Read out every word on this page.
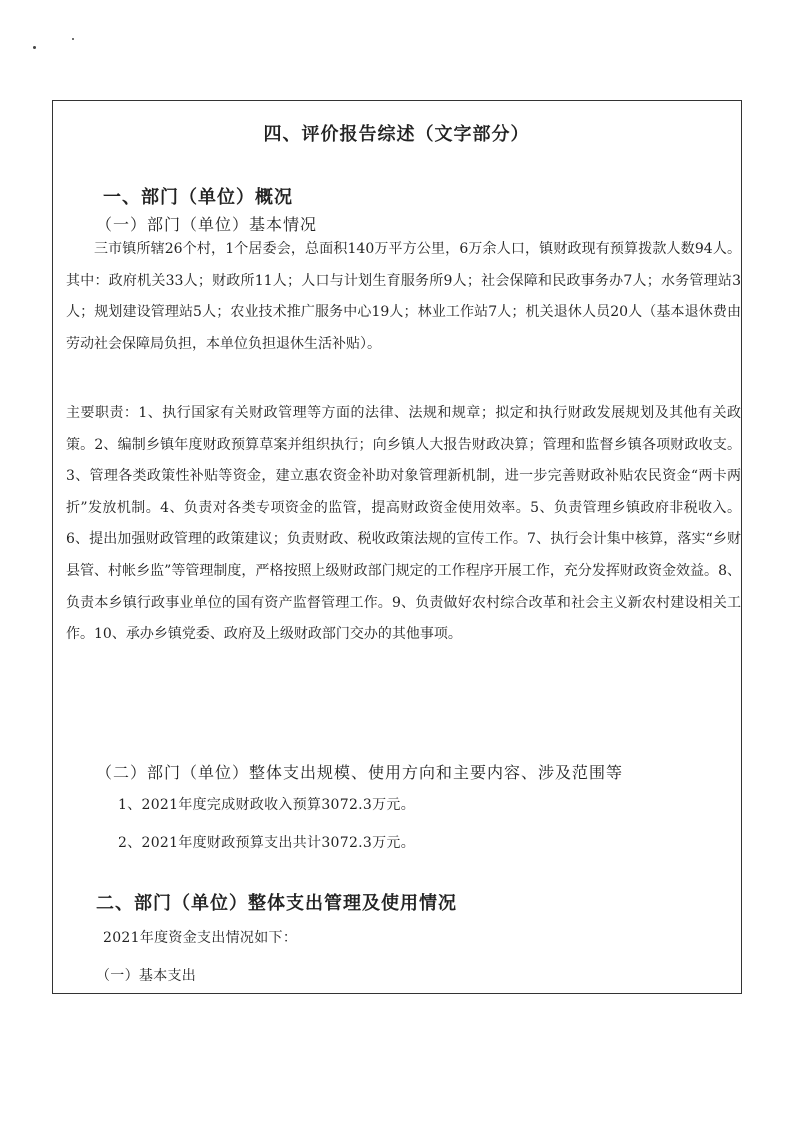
四、评价报告综述（文字部分）
一、部门（单位）概况
（一）部门（单位）基本情况
三市镇所辖26个村，1个居委会，总面积140万平方公里，6万余人口，镇财政现有预算拨款人数94人。其中：政府机关33人；财政所11人；人口与计划生育服务所9人；社会保障和民政事务办7人；水务管理站3人；规划建设管理站5人；农业技术推广服务中心19人；林业工作站7人；机关退休人员20人（基本退休费由劳动社会保障局负担，本单位负担退休生活补贴）。
主要职责：1、执行国家有关财政管理等方面的法律、法规和规章；拟定和执行财政发展规划及其他有关政策。2、编制乡镇年度财政预算草案并组织执行；向乡镇人大报告财政决算；管理和监督乡镇各项财政收支。3、管理各类政策性补贴等资金，建立惠农资金补助对象管理新机制，进一步完善财政补贴农民资金“两卡两折”发放机制。4、负责对各类专项资金的监管，提高财政资金使用效率。5、负责管理乡镇政府非税收入。6、提出加强财政管理的政策建议；负责财政、税收政策法规的宣传工作。7、执行会计集中核算，落实“乡财县管、村帐乡监”等管理制度，严格按照上级财政部门规定的工作程序开展工作，充分发挥财政资金效益。8、负责本乡镇行政事业单位的国有资产监督管理工作。9、负责做好农村综合改革和社会主义新农村建设相关工作。10、承办乡镇党委、政府及上级财政部门交办的其他事项。
（二）部门（单位）整体支出规模、使用方向和主要内容、涉及范围等
1、2021年度完成财政收入预算3072.3万元。
2、2021年度财政预算支出共计3072.3万元。
二、部门（单位）整体支出管理及使用情况
2021年度资金支出情况如下：
（一）基本支出
